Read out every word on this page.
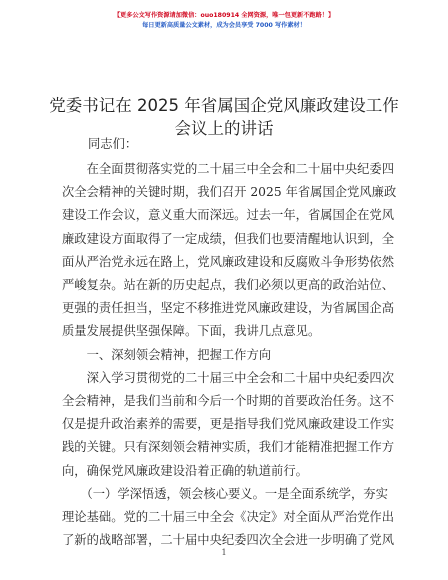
【更多公文写作资源请加微信：ouo180914 全网资源，唯一包更新不跑路！】
每日更新高质量公文素材，成为会员享受 7000 写作素材！
党委书记在 2025 年省属国企党风廉政建设工作
会议上的讲话
同志们：
　　在全面贯彻落实党的二十届三中全会和二十届中央纪委四
次全会精神的关键时期，我们召开 2025 年省属国企党风廉政
建设工作会议，意义重大而深远。过去一年，省属国企在党风
廉政建设方面取得了一定成绩，但我们也要清醒地认识到，全
面从严治党永远在路上，党风廉政建设和反腐败斗争形势依然
严峻复杂。站在新的历史起点，我们必须以更高的政治站位、
更强的责任担当，坚定不移推进党风廉政建设，为省属国企高
质量发展提供坚强保障。下面，我讲几点意见。
　　一、深刻领会精神，把握工作方向
　　深入学习贯彻党的二十届三中全会和二十届中央纪委四次
全会精神，是我们当前和今后一个时期的首要政治任务。这不
仅是提升政治素养的需要，更是指导我们党风廉政建设工作实
践的关键。只有深刻领会精神实质，我们才能精准把握工作方
向，确保党风廉政建设沿着正确的轨道前行。
　　（一）学深悟透，领会核心要义。一是全面系统学，夯实
理论基础。党的二十届三中全会《决定》对全面从严治党作出
了新的战略部署，二十届中央纪委四次全会进一步明确了党风
1
